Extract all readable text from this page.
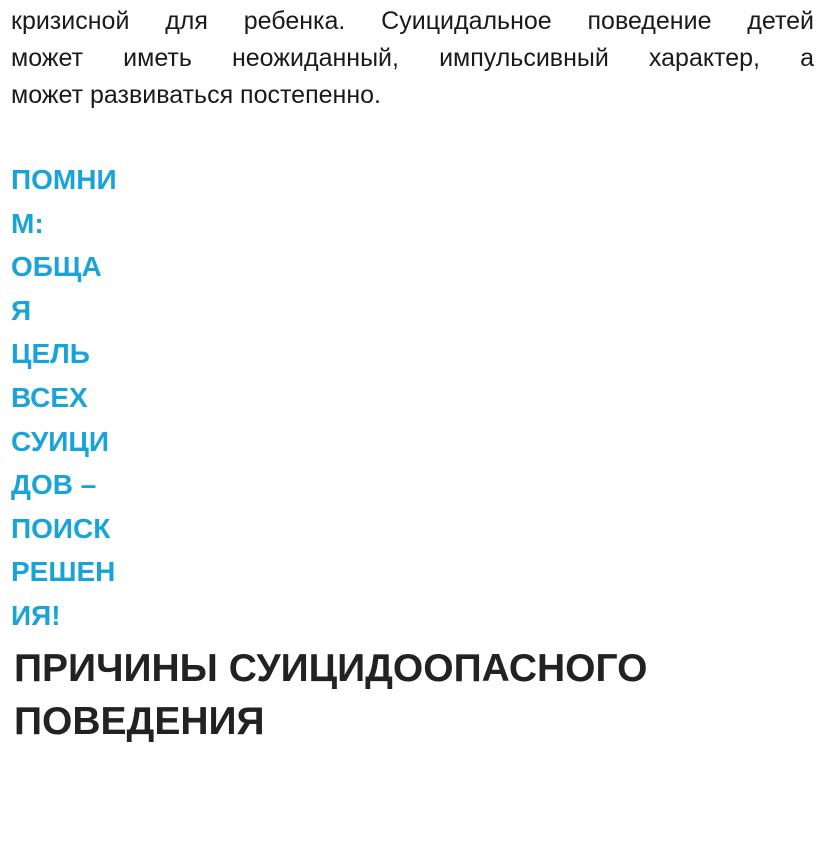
кризисной для ребенка. Суицидальное поведение детей
может иметь неожиданный, импульсивный характер, а
может развиваться постепенно.
ПОМНИ
М:
ОБЩА
Я
ЦЕЛЬ
ВСЕХ
СУИЦИ
ДОВ –
ПОИСК
РЕШЕН
ИЯ!
ПРИЧИНЫ СУИЦИДООПАСНОГО
ПОВЕДЕНИЯ
